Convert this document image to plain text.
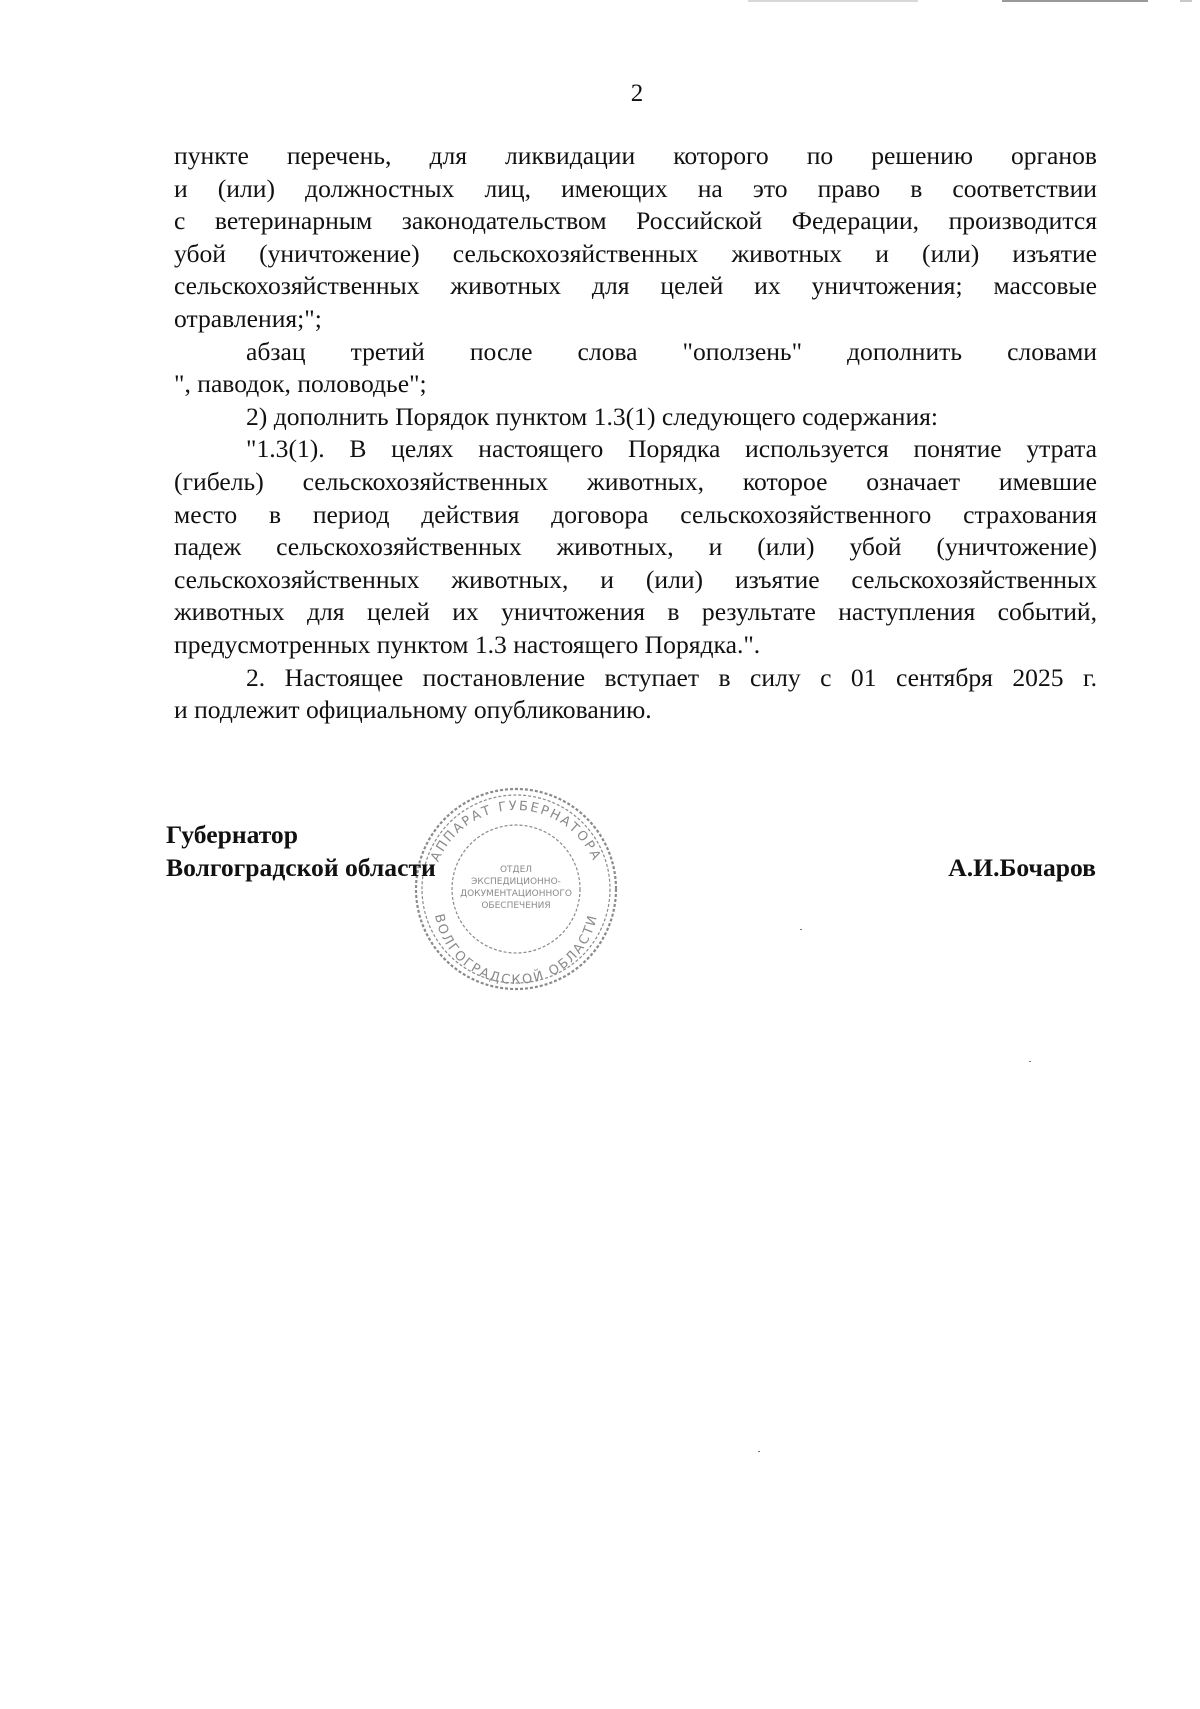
2
пункте перечень, для ликвидации которого по решению органов
и (или) должностных лиц, имеющих на это право в соответствии
с ветеринарным законодательством Российской Федерации, производится
убой (уничтожение) сельскохозяйственных животных и (или) изъятие
сельскохозяйственных животных для целей их уничтожения; массовые
отравления;";
абзац третий после слова "оползень" дополнить словами
", паводок, половодье";
2) дополнить Порядок пунктом 1.3(1) следующего содержания:
"1.3(1). В целях настоящего Порядка используется понятие утрата
(гибель) сельскохозяйственных животных, которое означает имевшие
место в период действия договора сельскохозяйственного страхования
падеж сельскохозяйственных животных, и (или) убой (уничтожение)
сельскохозяйственных животных, и (или) изъятие сельскохозяйственных
животных для целей их уничтожения в результате наступления событий,
предусмотренных пунктом 1.3 настоящего Порядка.".
2. Настоящее постановление вступает в силу с 01 сентября 2025 г.
и подлежит официальному опубликованию.
АППАРАТ ГУБЕРНАТОРА
ВОЛГОГРАДСКОЙ ОБЛАСТИ
ОТДЕЛ
ЭКСПЕДИЦИОННО-
ДОКУМЕНТАЦИОННОГО
ОБЕСПЕЧЕНИЯ
Губернатор
Волгоградской области	А.И.Бочаров
